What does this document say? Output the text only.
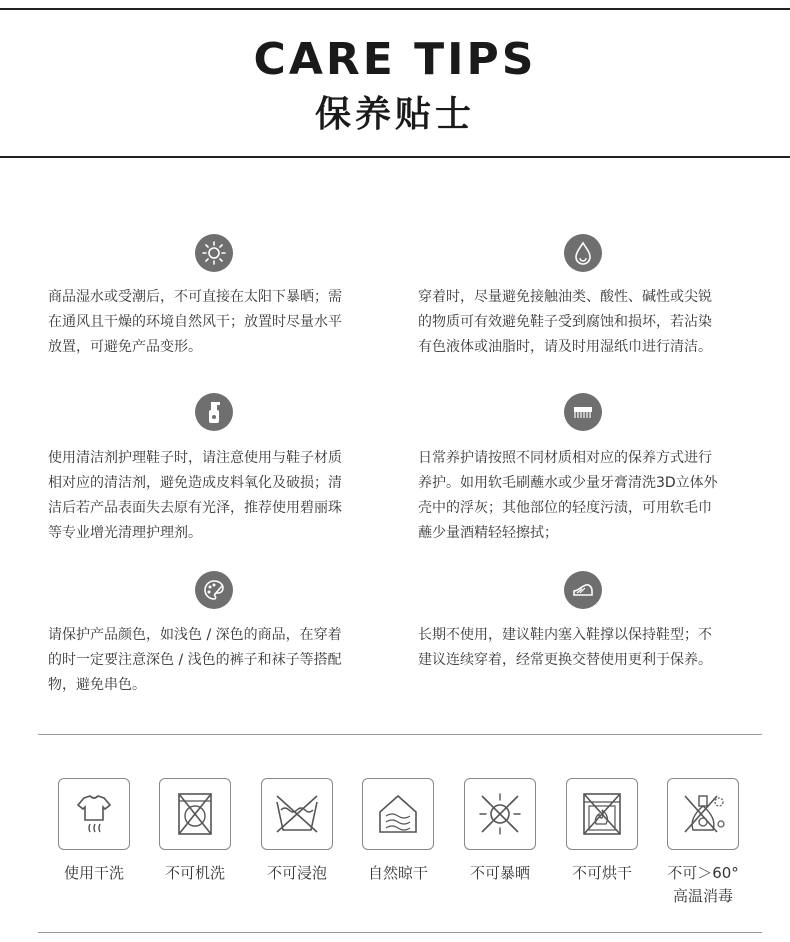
CARE TIPS
保养贴士
商品湿水或受潮后，不可直接在太阳下暴晒；需
在通风且干燥的环境自然风干；放置时尽量水平
放置，可避免产品变形。
穿着时，尽量避免接触油类、酸性、碱性或尖锐
的物质可有效避免鞋子受到腐蚀和损坏，若沾染
有色液体或油脂时，请及时用湿纸巾进行清洁。
使用清洁剂护理鞋子时，请注意使用与鞋子材质
相对应的清洁剂，避免造成皮料氧化及破损；清
洁后若产品表面失去原有光泽，推荐使用碧丽珠
等专业增光清理护理剂。
日常养护请按照不同材质相对应的保养方式进行
养护。如用软毛刷蘸水或少量牙膏清洗3D立体外
壳中的浮灰；其他部位的轻度污渍，可用软毛巾
蘸少量酒精轻轻擦拭；
请保护产品颜色，如浅色 / 深色的商品，在穿着
的时一定要注意深色 / 浅色的裤子和袜子等搭配
物，避免串色。
长期不使用，建议鞋内塞入鞋撑以保持鞋型；不
建议连续穿着，经常更换交替使用更利于保养。
使用干洗	不可机洗	不可浸泡	自然晾干	不可暴晒	不可烘干	不可＞60°
高温消毒
